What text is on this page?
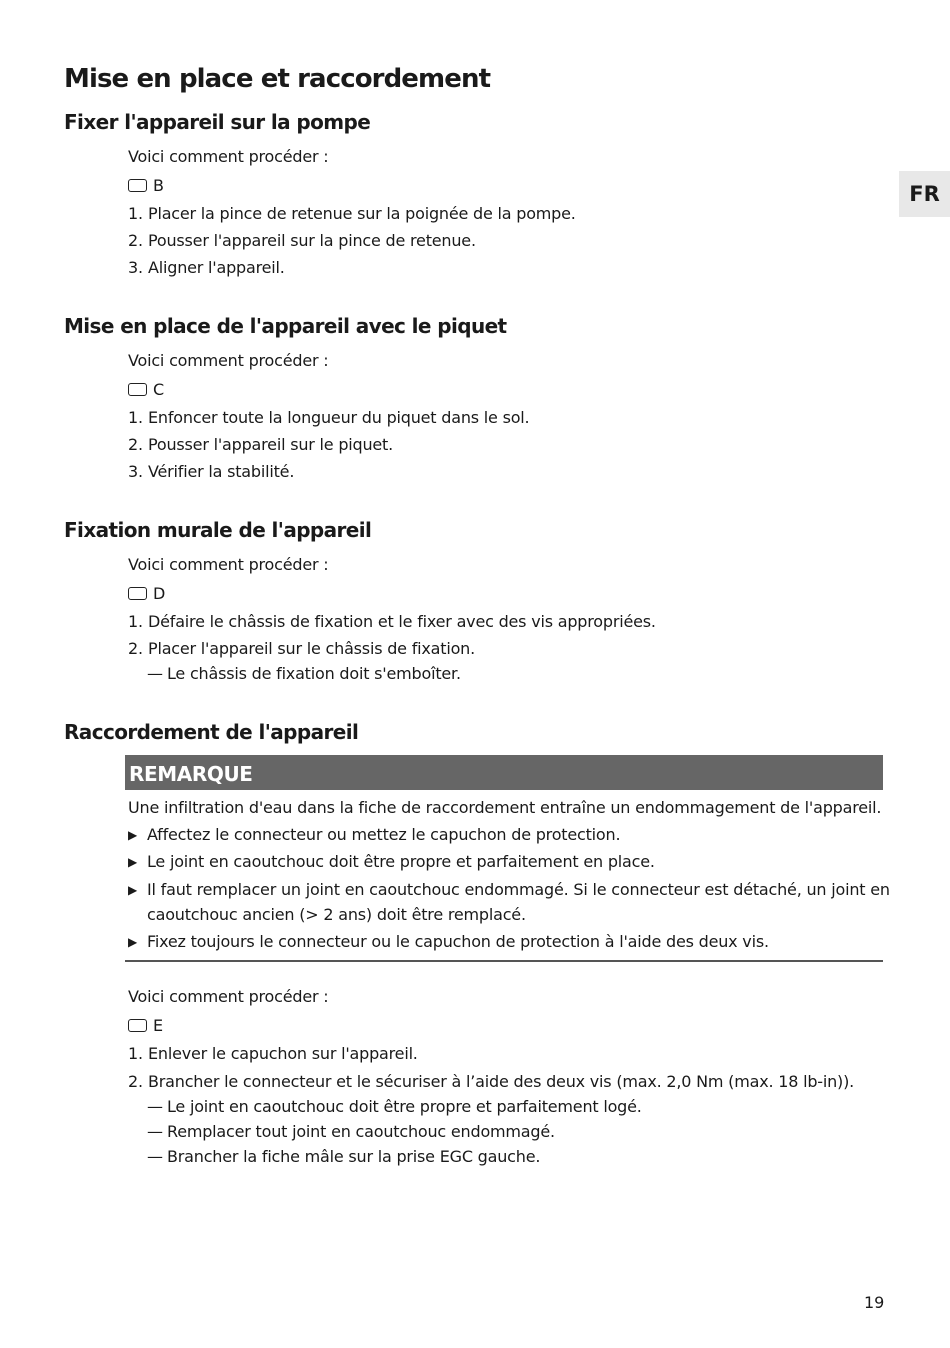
FR
Mise en place et raccordement
Fixer l'appareil sur la pompe
Voici comment procéder :
B
1. Placer la pince de retenue sur la poignée de la pompe.
2. Pousser l'appareil sur la pince de retenue.
3. Aligner l'appareil.
Mise en place de l'appareil avec le piquet
Voici comment procéder :
C
1. Enfoncer toute la longueur du piquet dans le sol.
2. Pousser l'appareil sur le piquet.
3. Vérifier la stabilité.
Fixation murale de l'appareil
Voici comment procéder :
D
1. Défaire le châssis de fixation et le fixer avec des vis appropriées.
2. Placer l'appareil sur le châssis de fixation.
— Le châssis de fixation doit s'emboîter.
Raccordement de l'appareil
REMARQUE
Une infiltration d'eau dans la fiche de raccordement entraîne un endommagement de l'appareil.
▶ Affectez le connecteur ou mettez le capuchon de protection.
▶ Le joint en caoutchouc doit être propre et parfaitement en place.
▶ Il faut remplacer un joint en caoutchouc endommagé. Si le connecteur est détaché, un joint en
caoutchouc ancien (> 2 ans) doit être remplacé.
▶ Fixez toujours le connecteur ou le capuchon de protection à l'aide des deux vis.
Voici comment procéder :
E
1. Enlever le capuchon sur l'appareil.
2. Brancher le connecteur et le sécuriser à l’aide des deux vis (max. 2,0 Nm (max. 18 lb-in)).
— Le joint en caoutchouc doit être propre et parfaitement logé.
— Remplacer tout joint en caoutchouc endommagé.
— Brancher la fiche mâle sur la prise EGC gauche.
19
